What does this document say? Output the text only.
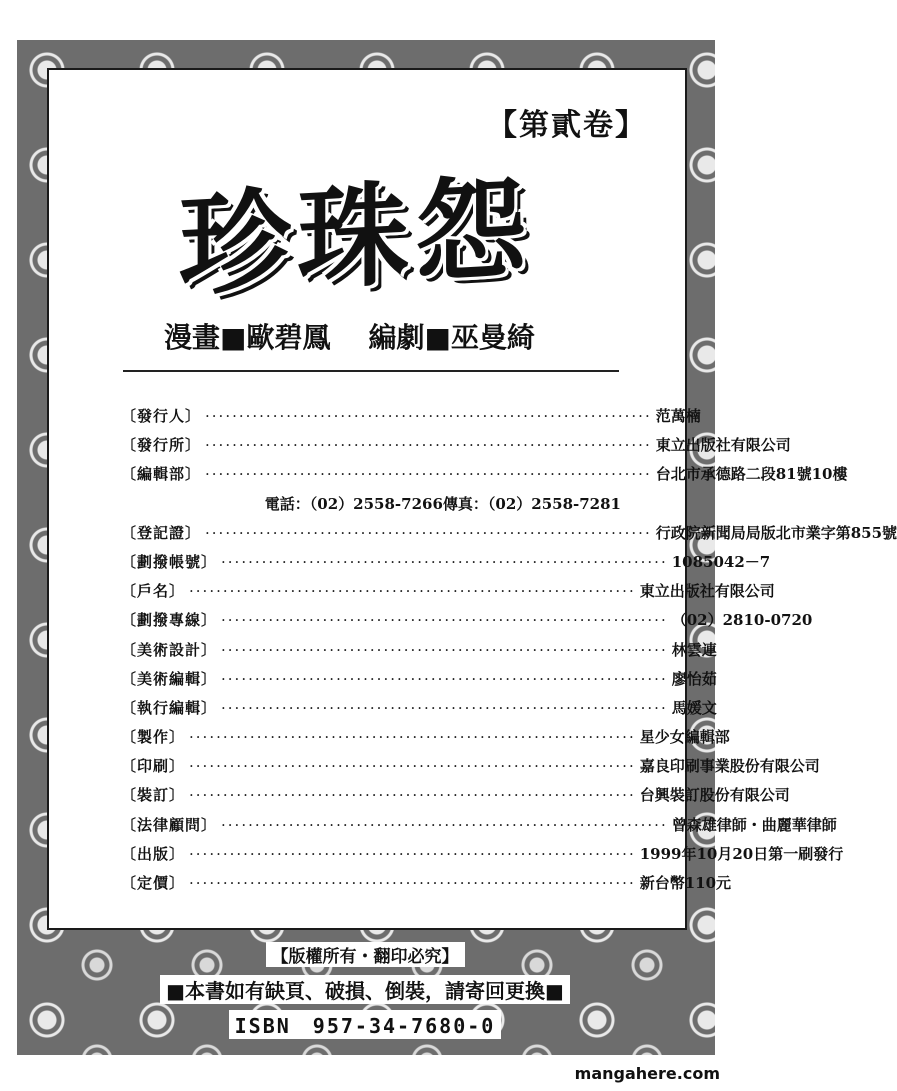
【第貳卷】
珍珠怨
漫畫■歐碧鳳 編劇■巫曼綺
〔發行人〕 ·································································· 范萬楠
〔發行所〕 ·································································· 東立出版社有限公司
〔編輯部〕 ·································································· 台北市承德路二段81號10樓
電話：（02）2558-7266傳真：（02）2558-7281
〔登記證〕 ·································································· 行政院新聞局局版北市業字第855號
〔劃撥帳號〕 ·································································· 1085042－7
〔戶名〕 ·································································· 東立出版社有限公司
〔劃撥專線〕 ·································································· （02）2810-0720
〔美術設計〕 ·································································· 林雲連
〔美術編輯〕 ·································································· 廖怡茹
〔執行編輯〕 ·································································· 馬媛文
〔製作〕 ·································································· 星少女編輯部
〔印刷〕 ·································································· 嘉良印刷事業股份有限公司
〔裝訂〕 ·································································· 台興裝訂股份有限公司
〔法律顧問〕 ·································································· 曾森雄律師・曲麗華律師
〔出版〕 ·································································· 1999年10月20日第一刷發行
〔定價〕 ·································································· 新台幣110元
【版權所有・翻印必究】
■本書如有缺頁、破損、倒裝，請寄回更換■
ISBN　957-34-7680-0
mangahere.com
